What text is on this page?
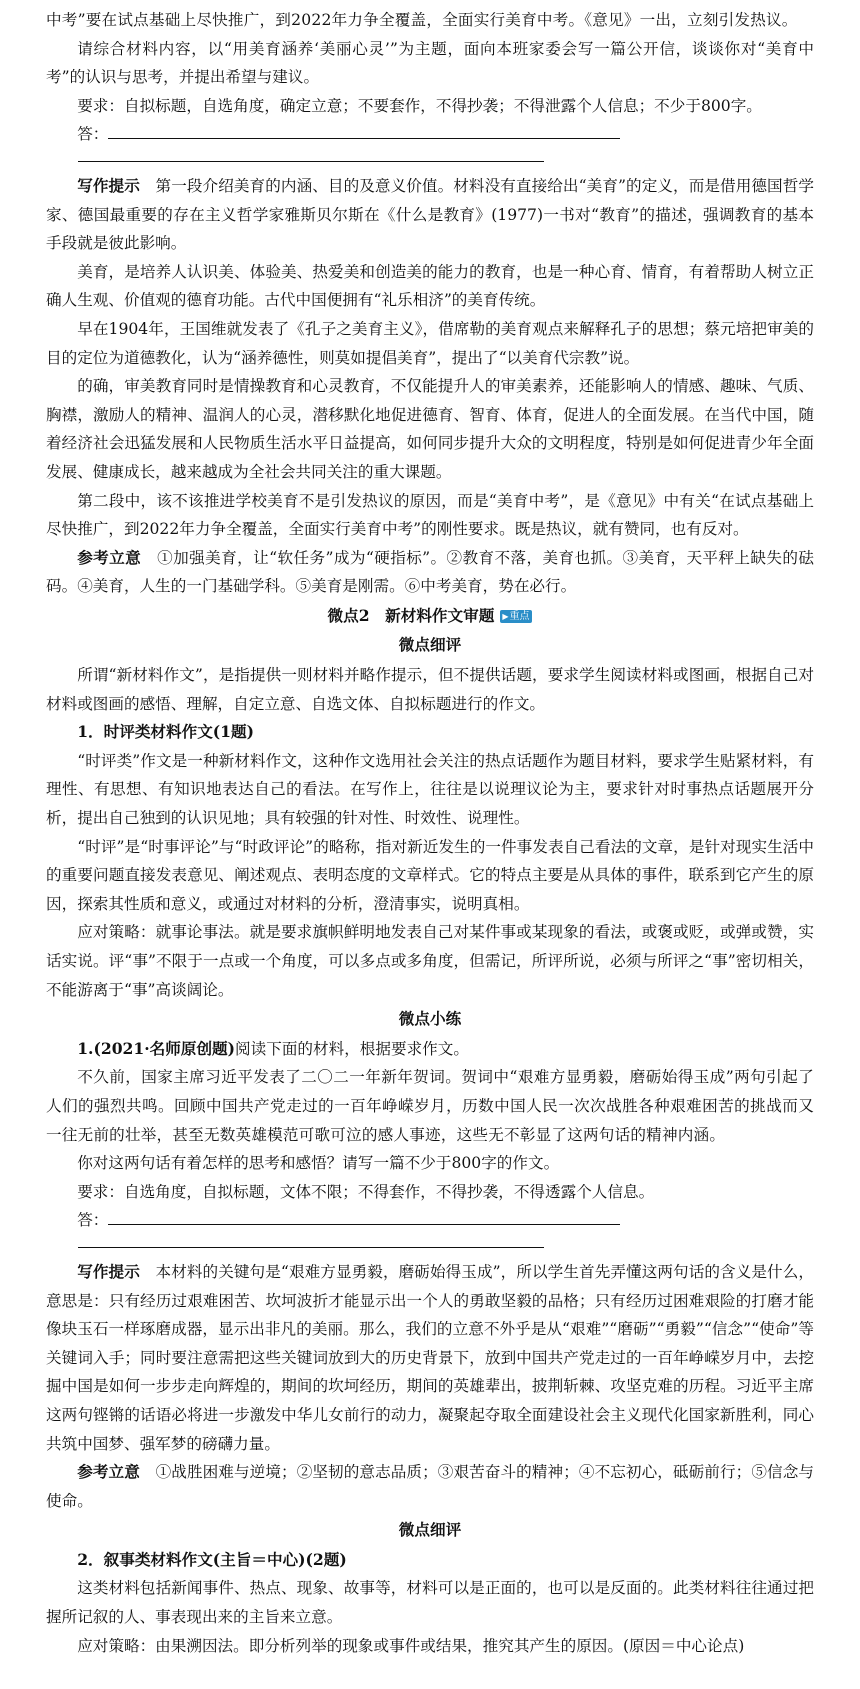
中考”要在试点基础上尽快推广，到2022年力争全覆盖，全面实行美育中考。《意见》一出，立刻引发热议。

请综合材料内容，以“用美育涵养‘美丽心灵’”为主题，面向本班家委会写一篇公开信，谈谈你对“美育中考”的认识与思考，并提出希望与建议。

要求：自拟标题，自选角度，确定立意；不要套作，不得抄袭；不得泄露个人信息；不少于800字。

答：

写作提示　 第一段介绍美育的内涵、目的及意义价值。材料没有直接给出“美育”的定义，而是借用德国哲学家、德国最重要的存在主义哲学家雅斯贝尔斯在《什么是教育》(1977)一书对“教育”的描述，强调教育的基本手段就是彼此影响。

美育，是培养人认识美、体验美、热爱美和创造美的能力的教育，也是一种心育、情育，有着帮助人树立正确人生观、价值观的德育功能。古代中国便拥有“礼乐相济”的美育传统。

早在1904年，王国维就发表了《孔子之美育主义》，借席勒的美育观点来解释孔子的思想；蔡元培把审美的目的定位为道德教化，认为“涵养德性，则莫如提倡美育”，提出了“以美育代宗教”说。

的确，审美教育同时是情操教育和心灵教育，不仅能提升人的审美素养，还能影响人的情感、趣味、气质、胸襟，激励人的精神、温润人的心灵，潜移默化地促进德育、智育、体育，促进人的全面发展。在当代中国，随着经济社会迅猛发展和人民物质生活水平日益提高，如何同步提升大众的文明程度，特别是如何促进青少年全面发展、健康成长，越来越成为全社会共同关注的重大课题。

第二段中，该不该推进学校美育不是引发热议的原因，而是“美育中考”，是《意见》中有关“在试点基础上尽快推广，到2022年力争全覆盖，全面实行美育中考”的刚性要求。既是热议，就有赞同，也有反对。

参考立意　 ①加强美育，让“软任务”成为“硬指标”。②教育不落，美育也抓。③美育，天平秤上缺失的砝码。④美育，人生的一门基础学科。⑤美育是刚需。⑥中考美育，势在必行。

微点2　新材料作文审题 ▶重点

微点细评

所谓“新材料作文”，是指提供一则材料并略作提示，但不提供话题，要求学生阅读材料或图画，根据自己对材料或图画的感悟、理解，自定立意、自选文体、自拟标题进行的作文。

1．时评类材料作文(1题)

“时评类”作文是一种新材料作文，这种作文选用社会关注的热点话题作为题目材料，要求学生贴紧材料，有理性、有思想、有知识地表达自己的看法。在写作上，往往是以说理议论为主，要求针对时事热点话题展开分析，提出自己独到的认识见地；具有较强的针对性、时效性、说理性。

“时评”是“时事评论”与“时政评论”的略称，指对新近发生的一件事发表自己看法的文章，是针对现实生活中的重要问题直接发表意见、阐述观点、表明态度的文章样式。它的特点主要是从具体的事件，联系到它产生的原因，探索其性质和意义，或通过对材料的分析，澄清事实，说明真相。

应对策略：就事论事法。就是要求旗帜鲜明地发表自己对某件事或某现象的看法，或褒或贬，或弹或赞，实话实说。评“事”不限于一点或一个角度，可以多点或多角度，但需记，所评所说，必须与所评之“事”密切相关，不能游离于“事”高谈阔论。

微点小练

1.(2021·名师原创题)阅读下面的材料，根据要求作文。

不久前，国家主席习近平发表了二〇二一年新年贺词。贺词中“艰难方显勇毅，磨砺始得玉成”两句引起了人们的强烈共鸣。回顾中国共产党走过的一百年峥嵘岁月，历数中国人民一次次战胜各种艰难困苦的挑战而又一往无前的壮举，甚至无数英雄模范可歌可泣的感人事迹，这些无不彰显了这两句话的精神内涵。

你对这两句话有着怎样的思考和感悟？请写一篇不少于800字的作文。

要求：自选角度，自拟标题，文体不限；不得套作，不得抄袭，不得透露个人信息。

答：

写作提示　 本材料的关键句是“艰难方显勇毅，磨砺始得玉成”，所以学生首先弄懂这两句话的含义是什么，意思是：只有经历过艰难困苦、坎坷波折才能显示出一个人的勇敢坚毅的品格；只有经历过困难艰险的打磨才能像块玉石一样琢磨成器，显示出非凡的美丽。那么，我们的立意不外乎是从“艰难”“磨砺”“勇毅”“信念”“使命”等关键词入手；同时要注意需把这些关键词放到大的历史背景下，放到中国共产党走过的一百年峥嵘岁月中，去挖掘中国是如何一步步走向辉煌的，期间的坎坷经历，期间的英雄辈出，披荆斩棘、攻坚克难的历程。习近平主席这两句铿锵的话语必将进一步激发中华儿女前行的动力，凝聚起夺取全面建设社会主义现代化国家新胜利，同心共筑中国梦、强军梦的磅礴力量。

参考立意　 ①战胜困难与逆境；②坚韧的意志品质；③艰苦奋斗的精神；④不忘初心，砥砺前行；⑤信念与使命。

微点细评

2．叙事类材料作文(主旨＝中心)(2题)

这类材料包括新闻事件、热点、现象、故事等，材料可以是正面的，也可以是反面的。此类材料往往通过把握所记叙的人、事表现出来的主旨来立意。

应对策略：由果溯因法。即分析列举的现象或事件或结果，推究其产生的原因。(原因＝中心论点)
